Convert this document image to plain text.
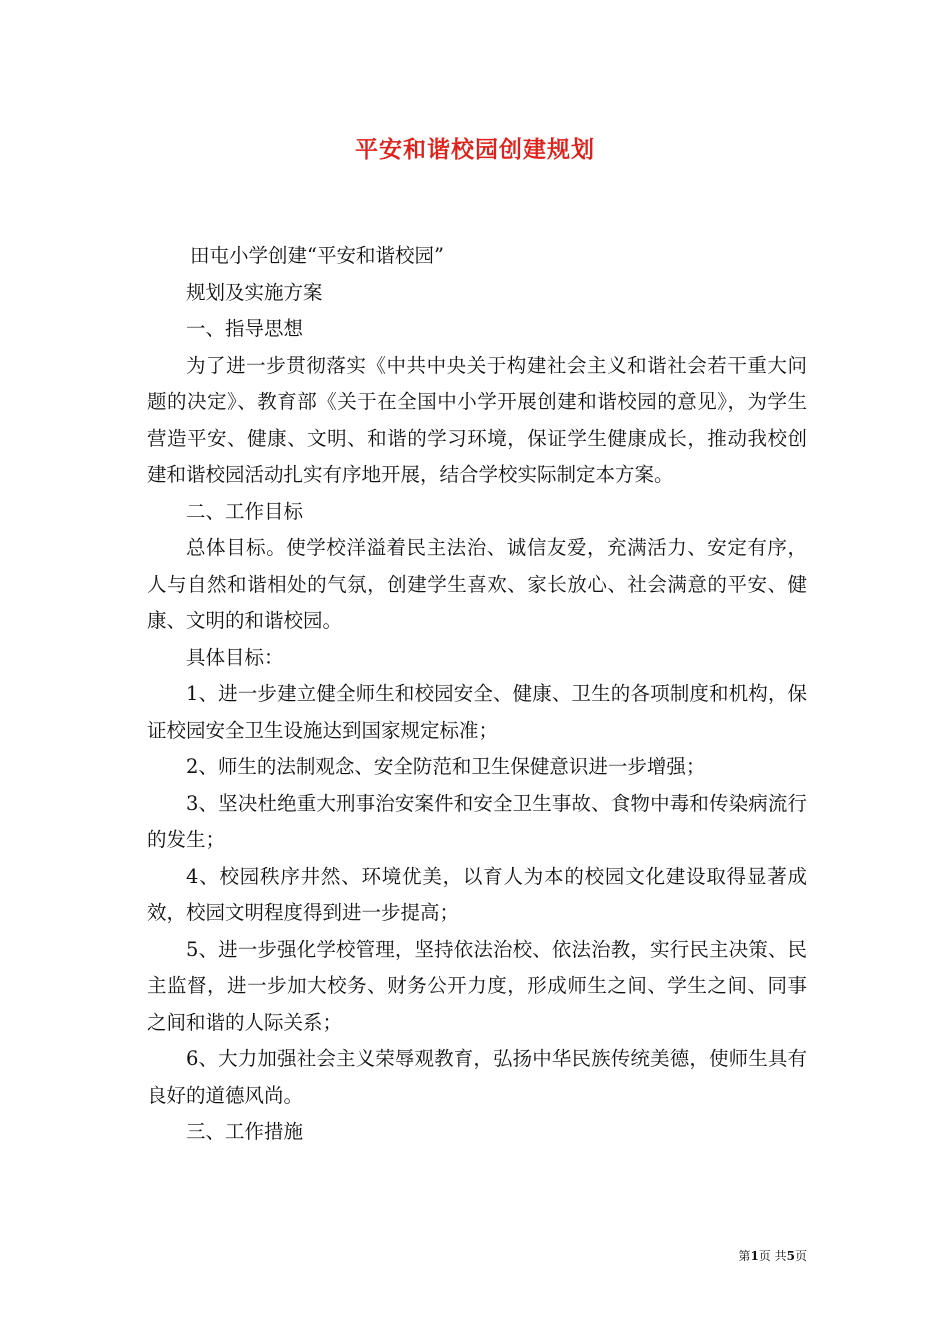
平安和谐校园创建规划

田屯小学创建“平安和谐校园”

规划及实施方案

一、指导思想

为了进一步贯彻落实《中共中央关于构建社会主义和谐社会若干重大问题的决定》、教育部《关于在全国中小学开展创建和谐校园的意见》，为学生营造平安、健康、文明、和谐的学习环境，保证学生健康成长，推动我校创建和谐校园活动扎实有序地开展，结合学校实际制定本方案。

二、工作目标

总体目标。使学校洋溢着民主法治、诚信友爱，充满活力、安定有序，人与自然和谐相处的气氛，创建学生喜欢、家长放心、社会满意的平安、健康、文明的和谐校园。

具体目标：

1、进一步建立健全师生和校园安全、健康、卫生的各项制度和机构，保证校园安全卫生设施达到国家规定标准；

2、师生的法制观念、安全防范和卫生保健意识进一步增强；

3、坚决杜绝重大刑事治安案件和安全卫生事故、食物中毒和传染病流行的发生；

4、校园秩序井然、环境优美，以育人为本的校园文化建设取得显著成效，校园文明程度得到进一步提高；

5、进一步强化学校管理，坚持依法治校、依法治教，实行民主决策、民主监督，进一步加大校务、财务公开力度，形成师生之间、学生之间、同事之间和谐的人际关系；

6、大力加强社会主义荣辱观教育，弘扬中华民族传统美德，使师生具有良好的道德风尚。

三、工作措施

第1页 共5页
